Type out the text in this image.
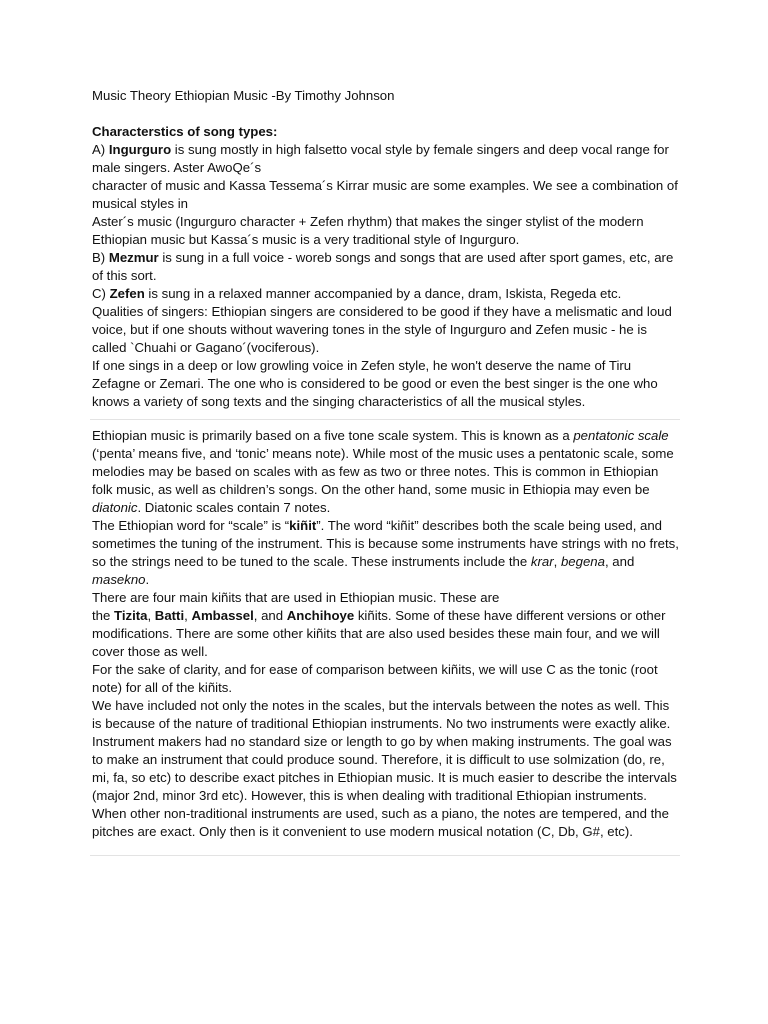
Music Theory Ethiopian Music -By Timothy Johnson

Characterstics of song types:

A) Ingurguro is sung mostly in high falsetto vocal style by female singers and deep vocal range for male singers. Aster AwoQe´s

character of music and Kassa Tessema´s Kirrar music are some examples. We see a combination of musical styles in

Aster´s music (Ingurguro character + Zefen rhythm) that makes the singer stylist of the modern Ethiopian music but Kassa´s music is a very traditional style of Ingurguro.

B) Mezmur is sung in a full voice - woreb songs and songs that are used after sport games, etc, are of this sort.

C) Zefen is sung in a relaxed manner accompanied by a dance, dram, Iskista, Regeda etc.

Qualities of singers: Ethiopian singers are considered to be good if they have a melismatic and loud voice, but if one shouts without wavering tones in the style of Ingurguro and Zefen music - he is called `Chuahi or Gagano´(vociferous).

If one sings in a deep or low growling voice in Zefen style, he won't deserve the name of Tiru Zefagne or Zemari. The one who is considered to be good or even the best singer is the one who knows a variety of song texts and the singing characteristics of all the musical styles.

Ethiopian music is primarily based on a five tone scale system. This is known as a pentatonic scale (‘penta’ means five, and ‘tonic’ means note). While most of the music uses a pentatonic scale, some melodies may be based on scales with as few as two or three notes. This is common in Ethiopian folk music, as well as children’s songs. On the other hand, some music in Ethiopia may even be diatonic. Diatonic scales contain 7 notes.

The Ethiopian word for “scale” is “kiñit”. The word “kiñit” describes both the scale being used, and sometimes the tuning of the instrument. This is because some instruments have strings with no frets, so the strings need to be tuned to the scale. These instruments include the krar, begena, and masekno.

There are four main kiñits that are used in Ethiopian music. These are

the Tizita, Batti, Ambassel, and Anchihoye kiñits. Some of these have different versions or other modifications. There are some other kiñits that are also used besides these main four, and we will cover those as well.

For the sake of clarity, and for ease of comparison between kiñits, we will use C as the tonic (root note) for all of the kiñits.

We have included not only the notes in the scales, but the intervals between the notes as well. This is because of the nature of traditional Ethiopian instruments. No two instruments were exactly alike. Instrument makers had no standard size or length to go by when making instruments. The goal was to make an instrument that could produce sound. Therefore, it is difficult to use solmization (do, re, mi, fa, so etc) to describe exact pitches in Ethiopian music. It is much easier to describe the intervals (major 2nd, minor 3rd etc). However, this is when dealing with traditional Ethiopian instruments. When other non-traditional instruments are used, such as a piano, the notes are tempered, and the pitches are exact. Only then is it convenient to use modern musical notation (C, Db, G#, etc).
